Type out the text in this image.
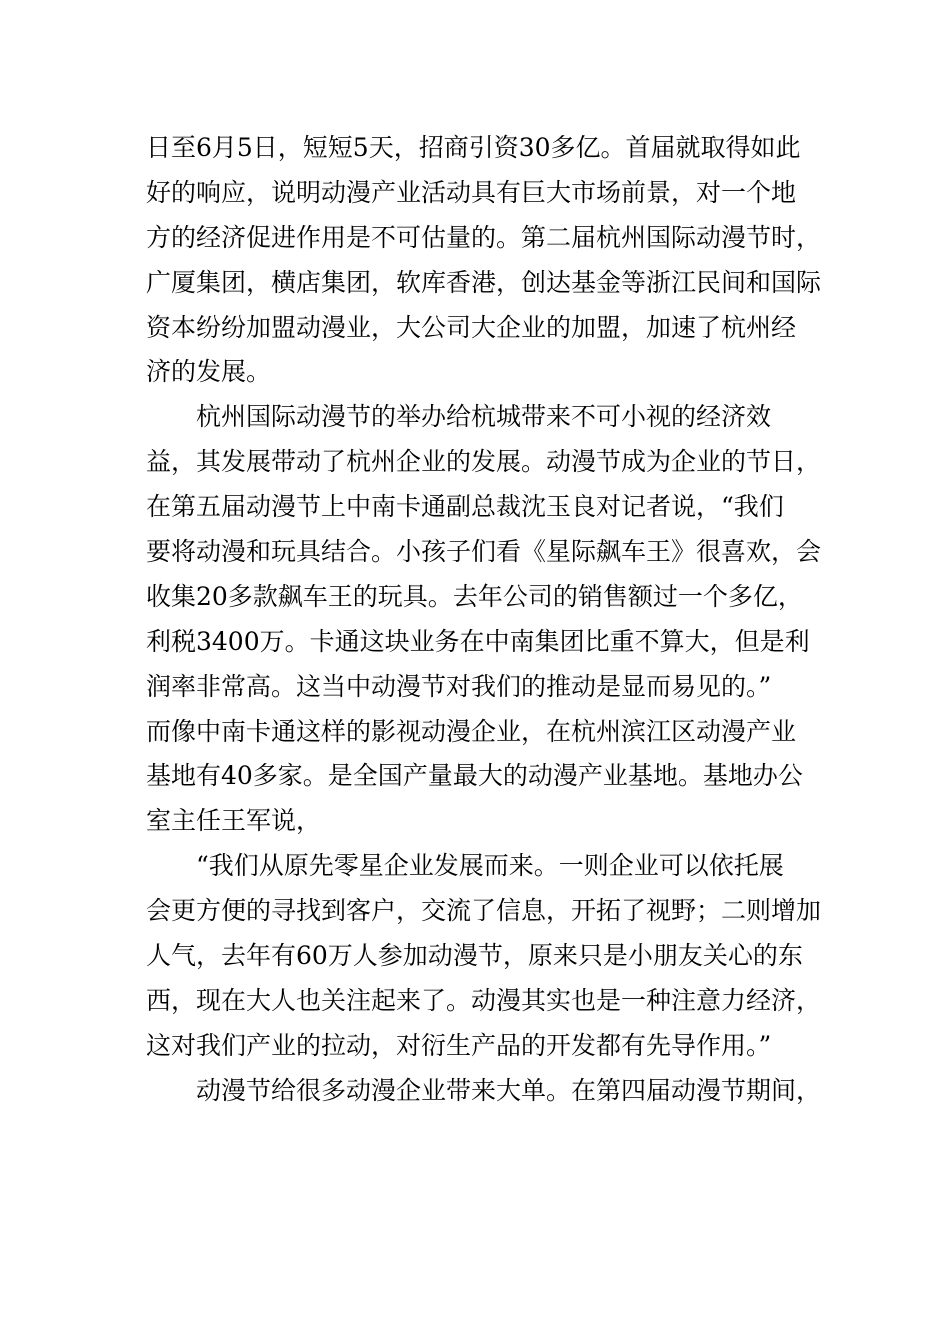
日至6月5日，短短5天，招商引资30多亿。首届就取得如此
好的响应，说明动漫产业活动具有巨大市场前景，对一个地
方的经济促进作用是不可估量的。第二届杭州国际动漫节时，
广厦集团，横店集团，软库香港，创达基金等浙江民间和国际
资本纷纷加盟动漫业，大公司大企业的加盟，加速了杭州经
济的发展。
杭州国际动漫节的举办给杭城带来不可小视的经济效
益，其发展带动了杭州企业的发展。动漫节成为企业的节日，
在第五届动漫节上中南卡通副总裁沈玉良对记者说，“我们
要将动漫和玩具结合。小孩子们看《星际飙车王》很喜欢，会
收集20多款飙车王的玩具。去年公司的销售额过一个多亿，
利税3400万。卡通这块业务在中南集团比重不算大，但是利
润率非常高。这当中动漫节对我们的推动是显而易见的。”
而像中南卡通这样的影视动漫企业，在杭州滨江区动漫产业
基地有40多家。是全国产量最大的动漫产业基地。基地办公
室主任王军说，
“我们从原先零星企业发展而来。一则企业可以依托展
会更方便的寻找到客户，交流了信息，开拓了视野；二则增加
人气，去年有60万人参加动漫节，原来只是小朋友关心的东
西，现在大人也关注起来了。动漫其实也是一种注意力经济，
这对我们产业的拉动，对衍生产品的开发都有先导作用。”
动漫节给很多动漫企业带来大单。在第四届动漫节期间，
